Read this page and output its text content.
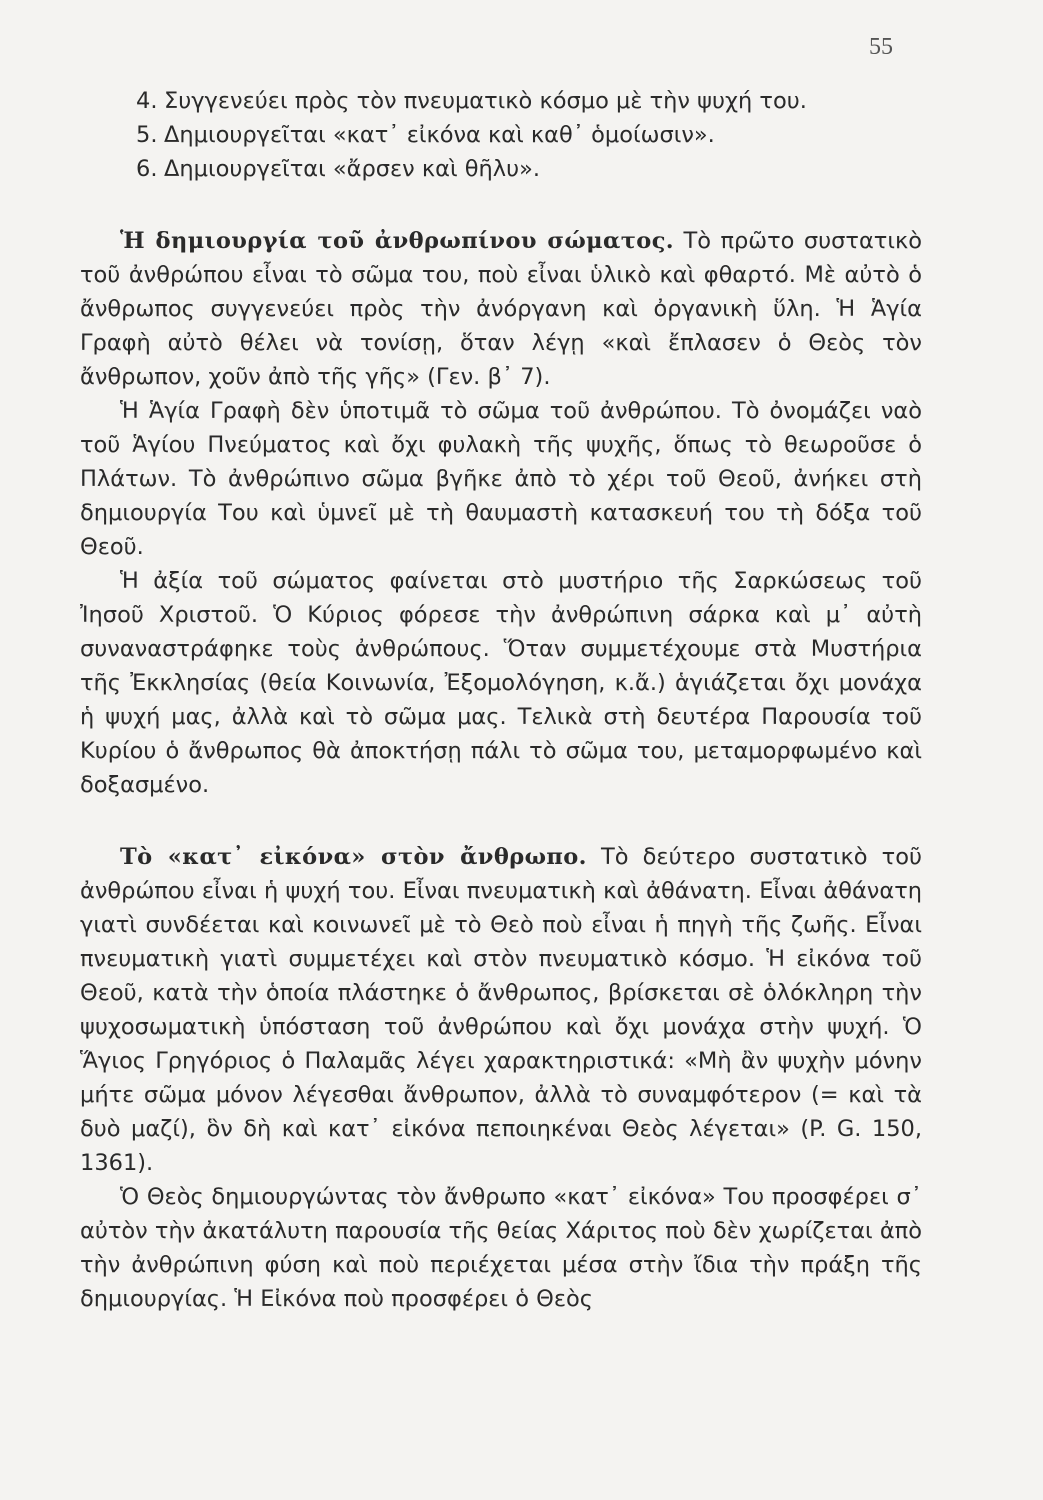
55
4. Συγγενεύει πρὸς τὸν πνευματικὸ κόσμο μὲ τὴν ψυχή του.
5. Δημιουργεῖται «κατ᾽ εἰκόνα καὶ καθ᾽ ὁμοίωσιν».
6. Δημιουργεῖται «ἄρσεν καὶ θῆλυ».

Ἡ δημιουργία τοῦ ἀνθρωπίνου σώματος. Τὸ πρῶτο συστατικὸ τοῦ ἀνθρώπου εἶναι τὸ σῶμα του, ποὺ εἶναι ὑλικὸ καὶ φθαρτό. Μὲ αὐτὸ ὁ ἄνθρωπος συγγενεύει πρὸς τὴν ἀνόργανη καὶ ὀργανικὴ ὕλη. Ἡ Ἁγία Γραφὴ αὐτὸ θέλει νὰ τονίσῃ, ὅταν λέγῃ «καὶ ἔπλασεν ὁ Θεὸς τὸν ἄνθρωπον, χοῦν ἀπὸ τῆς γῆς» (Γεν. β᾽ 7).

Ἡ Ἁγία Γραφὴ δὲν ὑποτιμᾶ τὸ σῶμα τοῦ ἀνθρώπου. Τὸ ὀνομάζει ναὸ τοῦ Ἁγίου Πνεύματος καὶ ὄχι φυλακὴ τῆς ψυχῆς, ὅπως τὸ θεωροῦσε ὁ Πλάτων. Τὸ ἀνθρώπινο σῶμα βγῆκε ἀπὸ τὸ χέρι τοῦ Θεοῦ, ἀνήκει στὴ δημιουργία Του καὶ ὑμνεῖ μὲ τὴ θαυμαστὴ κατασκευή του τὴ δόξα τοῦ Θεοῦ.

Ἡ ἀξία τοῦ σώματος φαίνεται στὸ μυστήριο τῆς Σαρκώσεως τοῦ Ἰησοῦ Χριστοῦ. Ὁ Κύριος φόρεσε τὴν ἀνθρώπινη σάρκα καὶ μ᾽ αὐτὴ συναναστράφηκε τοὺς ἀνθρώπους. Ὅταν συμμετέχουμε στὰ Μυστήρια τῆς Ἐκκλησίας (θεία Κοινωνία, Ἐξομολόγηση, κ.ἄ.) ἁγιάζεται ὄχι μονάχα ἡ ψυχή μας, ἀλλὰ καὶ τὸ σῶμα μας. Τελικὰ στὴ δευτέρα Παρουσία τοῦ Κυρίου ὁ ἄνθρωπος θὰ ἀποκτήσῃ πάλι τὸ σῶμα του, μεταμορφωμένο καὶ δοξασμένο.

Τὸ «κατ᾽ εἰκόνα» στὸν ἄνθρωπο. Τὸ δεύτερο συστατικὸ τοῦ ἀνθρώπου εἶναι ἡ ψυχή του. Εἶναι πνευματικὴ καὶ ἀθάνατη. Εἶναι ἀθάνατη γιατὶ συνδέεται καὶ κοινωνεῖ μὲ τὸ Θεὸ ποὺ εἶναι ἡ πηγὴ τῆς ζωῆς. Εἶναι πνευματικὴ γιατὶ συμμετέχει καὶ στὸν πνευματικὸ κόσμο. Ἡ εἰκόνα τοῦ Θεοῦ, κατὰ τὴν ὁποία πλάστηκε ὁ ἄνθρωπος, βρίσκεται σὲ ὁλόκληρη τὴν ψυχοσωματικὴ ὑπόσταση τοῦ ἀνθρώπου καὶ ὄχι μονάχα στὴν ψυχή. Ὁ Ἅγιος Γρηγόριος ὁ Παλαμᾶς λέγει χαρακτηριστικά: «Μὴ ἂν ψυχὴν μόνην μήτε σῶμα μόνον λέγεσθαι ἄνθρωπον, ἀλλὰ τὸ συναμφότερον (= καὶ τὰ δυὸ μαζί), ὃν δὴ καὶ κατ᾽ εἰκόνα πεποιηκέναι Θεὸς λέγεται» (P. G. 150, 1361).

Ὁ Θεὸς δημιουργώντας τὸν ἄνθρωπο «κατ᾽ εἰκόνα» Του προσφέρει σ᾽ αὐτὸν τὴν ἀκατάλυτη παρουσία τῆς θείας Χάριτος ποὺ δὲν χωρίζεται ἀπὸ τὴν ἀνθρώπινη φύση καὶ ποὺ περιέχεται μέσα στὴν ἴδια τὴν πράξη τῆς δημιουργίας. Ἡ Εἰκόνα ποὺ προσφέρει ὁ Θεὸς
